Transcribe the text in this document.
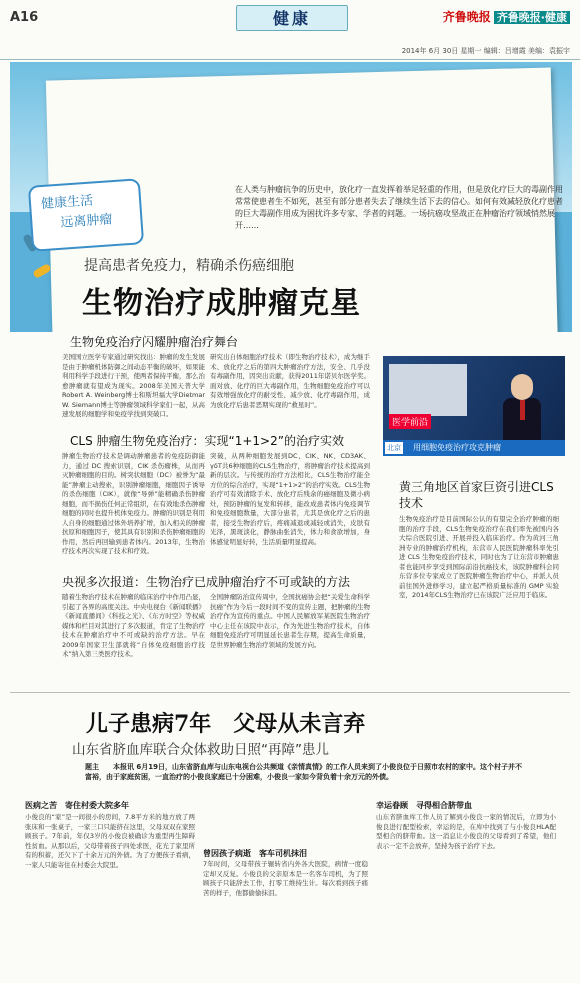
A16	健康	齐鲁晚报 齐鲁晚报·健康
2014年 6月 30日 星期一 编辑：吕增霞 美编：袁振宇
健康生活
远离肿瘤
在人类与肿瘤抗争的历史中，放化疗一直发挥着举足轻重的作用，但是放化疗巨大的毒副作用常常使患者生不如死，甚至有部分患者失去了继续生活下去的信心。如何有效减轻放化疗患者的巨大毒副作用成为困扰许多专家、学者的问题。一场抗癌攻坚战正在肿瘤治疗领域悄然展开……
提高患者免疫力，精确杀伤癌细胞
生物治疗成肿瘤克星
生物免疫治疗闪耀肿瘤治疗舞台
美国国立医学专家通过研究找出：肿瘤的发生发展是由于肿瘤机体防御之间动态平衡的破坏，如果能利用科学手段进行干预，使两者保持平衡，那么治愈肿瘤就有望成为现实。2008年美国天普大学Robert A. Weinberg博士和斯坦福大学Dietmar W. Siemann博士等肿瘤领域科学家们一起，从高速发展的细胞学和免疫学找到突破口。
研究出自体细胞治疗技术（即生物治疗技术），成为继手术、放化疗之后的第四大肿瘤治疗方法，安全、几乎没有毒副作用，因突出贡献，获得2011年诺贝尔医学奖。面对放、化疗的巨大毒副作用，生物细胞免疫治疗可以有效增强放化疗的耐受性、减少放、化疗毒副作用，成为放化疗后患者恶期实现的“救星时”。
CLS 肿瘤生物免疫治疗：实现“1+1>2”的治疗实效
肿瘤生物治疗技术是调动肿瘤患者的免疫防御能力，通过 DC 搜索识别，CIK 杀伤瘤株，从而再灭肿瘤细胞的目的。树突状细胞（DC）被誉为“最能”肿瘤主动搜索，识别肿瘤细胞，细胞因子诱导的杀伤细胞（CIK），就像“导弹”能精确杀伤肿瘤细胞，而不损伤任何正常组织，在有效地杀伤肿瘤细胞的同时也提升机体免疫力。肿瘤的识别是利用人自身的细胞通过体外培养扩增，加入相关的肿瘤抗原和细胞因子，使其具有识别和杀伤肿瘤细胞的作用，然后再回输到患者体内。2013年，生物治疗技术再次实现了技术和疗效。
突破，从两种细胞发展到DC、CIK、NK、CD3AK、γδT共6种细胞的CLS生物治疗，将肿瘤治疗技术提高到新的层次。与传统的治疗方法相比，CLS生物治疗能全方位的综合治疗，实现“1+1>2”的治疗实效。CLS生物治疗可有效清除手术、放化疗后残余的癌细胞及微小病灶，预防肿瘤的复发和转移，能改成患者体内免疫调节和免疫细胞数量，大部分患者，尤其是放化疗之后的患者，接受生物治疗后，疼痛减退或减轻或消失，皮肤有光泽，黑斑淡化，静脉曲张消失，体力和食欲增加，身体感觉明显好转，生活质量明显提高。
央视多次报道：生物治疗已成肿瘤治疗不可或缺的方法
随着生物治疗技术在肿瘤的临床治疗中作用凸显，引起了各界的高度关注。中央电视台《新闻联播》《新闻直播间》《科技之光》、《东方时空》等权威媒体和栏目对其进行了多次报道，肯定了生物治疗技术在肿瘤治疗中不可或缺的治疗方法。早在2009年国家卫生部就将“自体免疫细胞治疗技术”纳入第三类医疗技术。
全国肿瘤防治宣传周中，全国抗癌协会把“关爱生命科学抗癌”作为今后一段时间不变的宣传主题，把肿瘤的生物治疗作为宣传的重点。中国人民解放军某医院生物治疗中心主任在该院中表示，作为先进生物治疗技术，自体细胞免疫治疗可明显延长患者生存期，提高生命质量，是世界肿瘤生物治疗领域的发展方向。
医学前沿
北京 用细胞免疫治疗攻克肿瘤
黄三角地区首家巨资引进CLS技术
生物免疫治疗是目前国际公认的有望完全治疗肿瘤的细胞的治疗手段，CLS生物免疫治疗在我们率先被国内各大综合医院引进、开展并投入临床治疗。作为黄河三角洲专业的肿瘤治疗机构，东营市人民医院肿瘤科率先引进 CLS 生物免疫治疗技术，同时也为了让东营市肿瘤患者也能同步享受到国际前沿抗癌技术，该院肿瘤科会同东营多位专家成立了医院肿瘤生物治疗中心，并派人员前往国外进修学习，建立起严格质量标准的 GMP 实验室，2014年CLS生物治疗已在该院广泛应用于临床。
儿子患病7年　父母从未言弃
山东省脐血库联合众体救助日照“再障”患儿
题主　　本报讯 6月19日，山东省脐血库与山东电视台公共频道《亲情真情》的工作人员来到了小俊良位于日照市农村的家中。这个村子并不富裕，由于家庭贫困，一直治疗的小俊良家庭已十分困难，小俊良一家如今背负着十余万元的外债。
医病之苦　寄住村委大院多年
小俊良的“家”是一间很小的房间，7.8平方米的地方放了两张床和一张桌子，一家三口只能挤在这里，父母双双在家照顾孩子。7年前，年仅3岁的小俊良被确诊为重型再生障碍性贫血。从那以后，父母带着孩子四处求医，花光了家里所有的积蓄，还欠下了十余万元的外债。为了方便孩子看病，一家人只能寄住在村委会大院里。
曾因孩子病逝　客车司机抹泪
7年时间，父母带孩子辗转省内外各大医院，病情一度稳定却又反复。小俊良的父亲原本是一名客车司机，为了照顾孩子只能辞去工作，打零工维持生计。每次看到孩子痛苦的样子，他都偷偷抹泪。
幸运眷顾　寻得相合脐带血
山东省脐血库工作人员了解到小俊良一家的情况后，立即为小俊良进行配型检索，幸运的是，在库中找到了与小俊良HLA配型相合的脐带血。这一消息让小俊良的父母看到了希望，他们表示一定不会放弃，坚持为孩子治疗下去。
